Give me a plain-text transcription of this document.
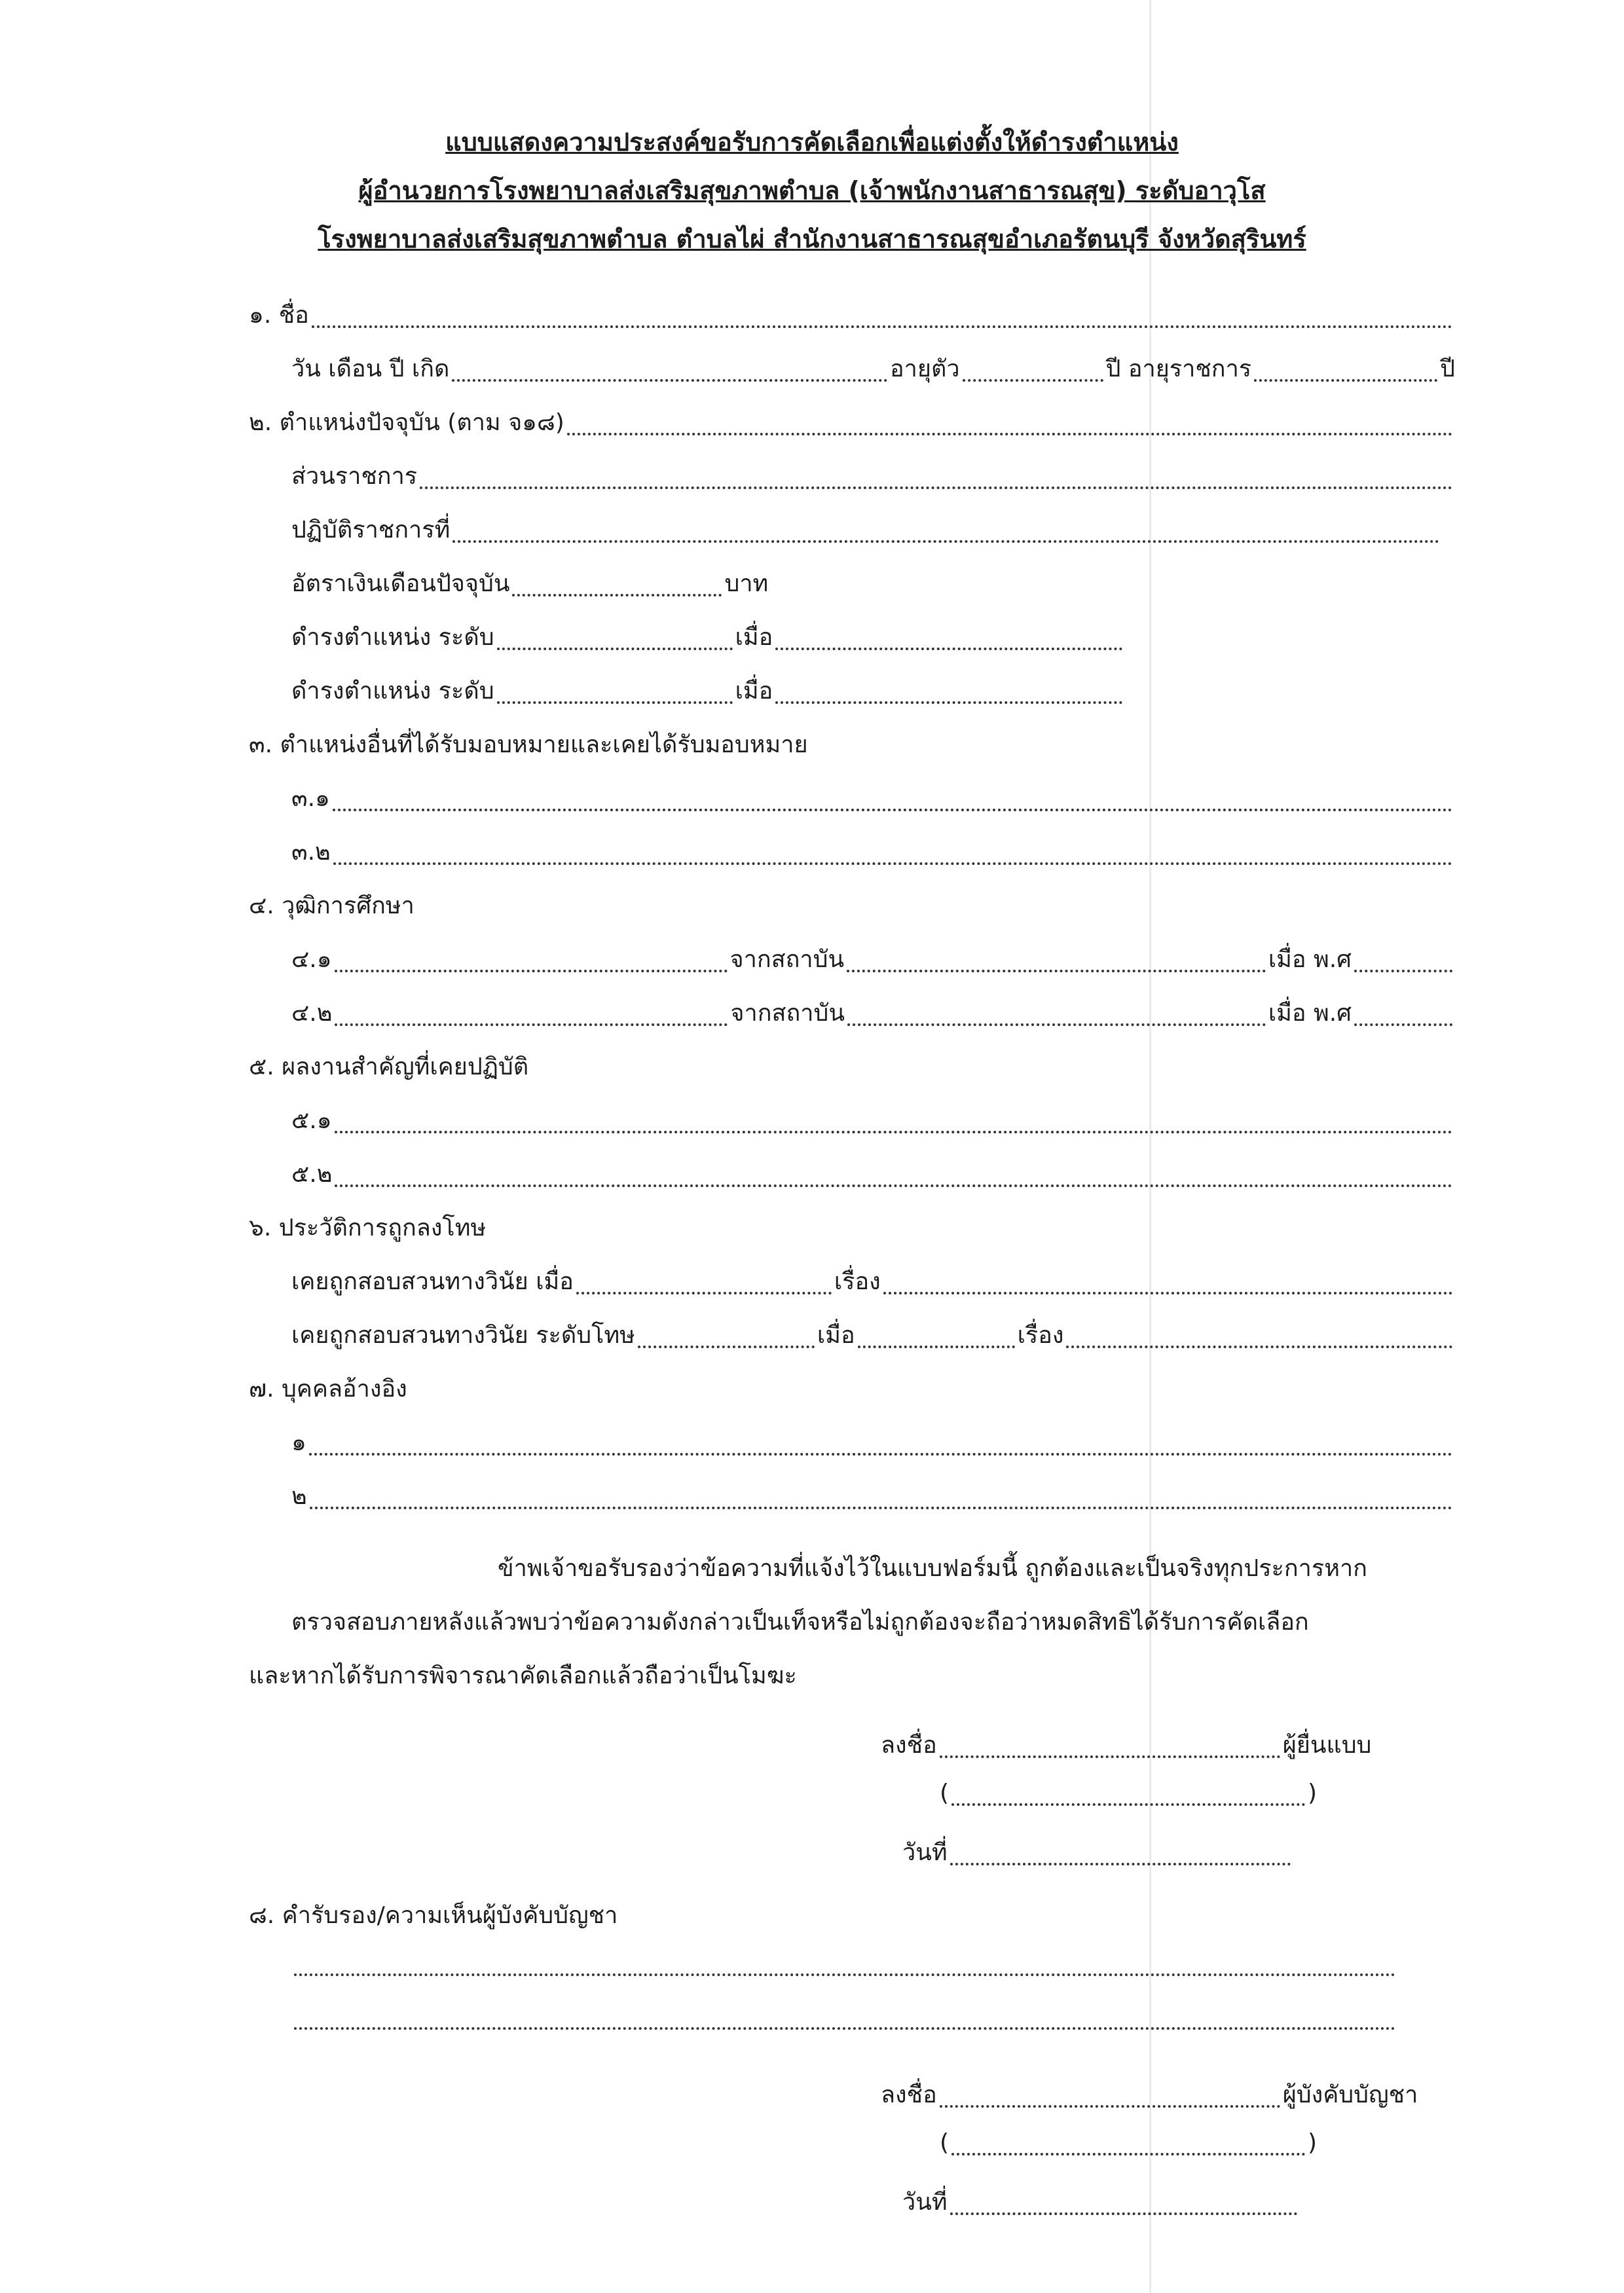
แบบแสดงความประสงค์ขอรับการคัดเลือกเพื่อแต่งตั้งให้ดำรงตำแหน่ง
ผู้อำนวยการโรงพยาบาลส่งเสริมสุขภาพตำบล (เจ้าพนักงานสาธารณสุข) ระดับอาวุโส
โรงพยาบาลส่งเสริมสุขภาพตำบล ตำบลไผ่ สำนักงานสาธารณสุขอำเภอรัตนบุรี จังหวัดสุรินทร์
๑. ชื่อ
วัน เดือน ปี เกิด	อายุตัว	ปี อายุราชการ	ปี
๒. ตำแหน่งปัจจุบัน (ตาม จ๑๘)
ส่วนราชการ
ปฏิบัติราชการที่
อัตราเงินเดือนปัจจุบัน	บาท
ดำรงตำแหน่ง ระดับ	เมื่อ
ดำรงตำแหน่ง ระดับ	เมื่อ
๓. ตำแหน่งอื่นที่ได้รับมอบหมายและเคยได้รับมอบหมาย
๓.๑
๓.๒
๔. วุฒิการศึกษา
๔.๑	จากสถาบัน	เมื่อ พ.ศ
๔.๒	จากสถาบัน	เมื่อ พ.ศ
๕. ผลงานสำคัญที่เคยปฏิบัติ
๕.๑
๕.๒
๖. ประวัติการถูกลงโทษ
เคยถูกสอบสวนทางวินัย เมื่อ	เรื่อง
เคยถูกสอบสวนทางวินัย ระดับโทษ	เมื่อ	เรื่อง
๗. บุคคลอ้างอิง
๑
๒
ข้าพเจ้าขอรับรองว่าข้อความที่แจ้งไว้ในแบบฟอร์มนี้ ถูกต้องและเป็นจริงทุกประการหาก
ตรวจสอบภายหลังแล้วพบว่าข้อความดังกล่าวเป็นเท็จหรือไม่ถูกต้องจะถือว่าหมดสิทธิได้รับการคัดเลือก
และหากได้รับการพิจารณาคัดเลือกแล้วถือว่าเป็นโมฆะ
ลงชื่อ	ผู้ยื่นแบบ
(	)
วันที่
๘. คำรับรอง/ความเห็นผู้บังคับบัญชา
ลงชื่อ	ผู้บังคับบัญชา
(	)
วันที่
